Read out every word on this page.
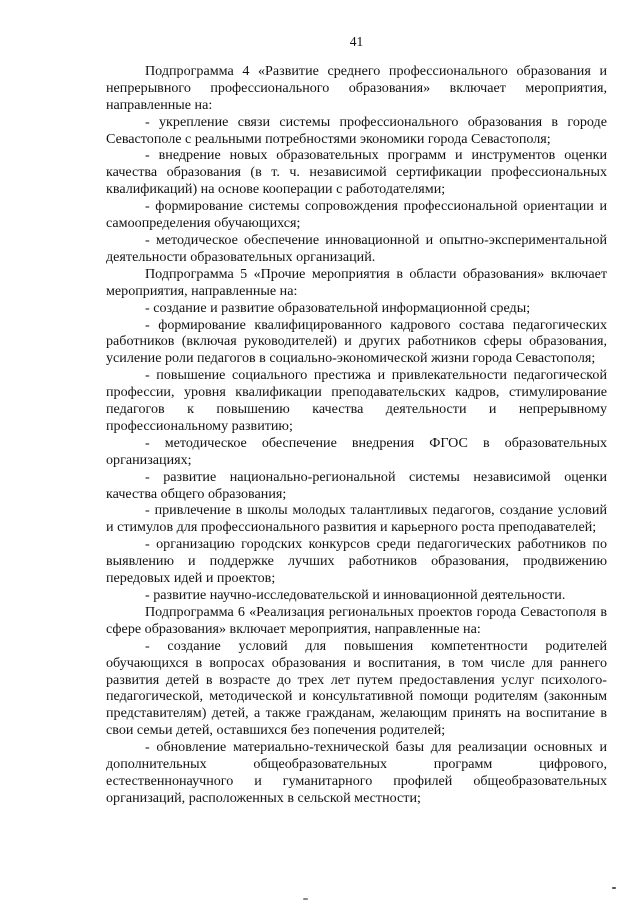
41

Подпрограмма 4 «Развитие среднего профессионального образования и непрерывного профессионального образования» включает мероприятия, направленные на:

- укрепление связи системы профессионального образования в городе Севастополе с реальными потребностями экономики города Севастополя;

- внедрение новых образовательных программ и инструментов оценки качества образования (в т. ч. независимой сертификации профессиональных квалификаций) на основе кооперации с работодателями;

- формирование системы сопровождения профессиональной ориентации и самоопределения обучающихся;

- методическое обеспечение инновационной и опытно-экспериментальной деятельности образовательных организаций.

Подпрограмма 5 «Прочие мероприятия в области образования» включает мероприятия, направленные на:

- создание и развитие образовательной информационной среды;

- формирование квалифицированного кадрового состава педагогических работников (включая руководителей) и других работников сферы образования, усиление роли педагогов в социально-экономической жизни города Севастополя;

- повышение социального престижа и привлекательности педагогической профессии, уровня квалификации преподавательских кадров, стимулирование педагогов к повышению качества деятельности и непрерывному профессиональному развитию;

- методическое обеспечение внедрения ФГОС в образовательных организациях;

- развитие национально-региональной системы независимой оценки качества общего образования;

- привлечение в школы молодых талантливых педагогов, создание условий и стимулов для профессионального развития и карьерного роста преподавателей;

- организацию городских конкурсов среди педагогических работников по выявлению и поддержке лучших работников образования, продвижению передовых идей и проектов;

- развитие научно-исследовательской и инновационной деятельности.

Подпрограмма 6 «Реализация региональных проектов города Севастополя в сфере образования» включает мероприятия, направленные на:

- создание условий для повышения компетентности родителей обучающихся в вопросах образования и воспитания, в том числе для раннего развития детей в возрасте до трех лет путем предоставления услуг психолого-педагогической, методической и консультативной помощи родителям (законным представителям) детей, а также гражданам, желающим принять на воспитание в свои семьи детей, оставшихся без попечения родителей;

- обновление материально-технической базы для реализации основных и дополнительных общеобразовательных программ цифрового, естественнонаучного и гуманитарного профилей общеобразовательных организаций, расположенных в сельской местности;
